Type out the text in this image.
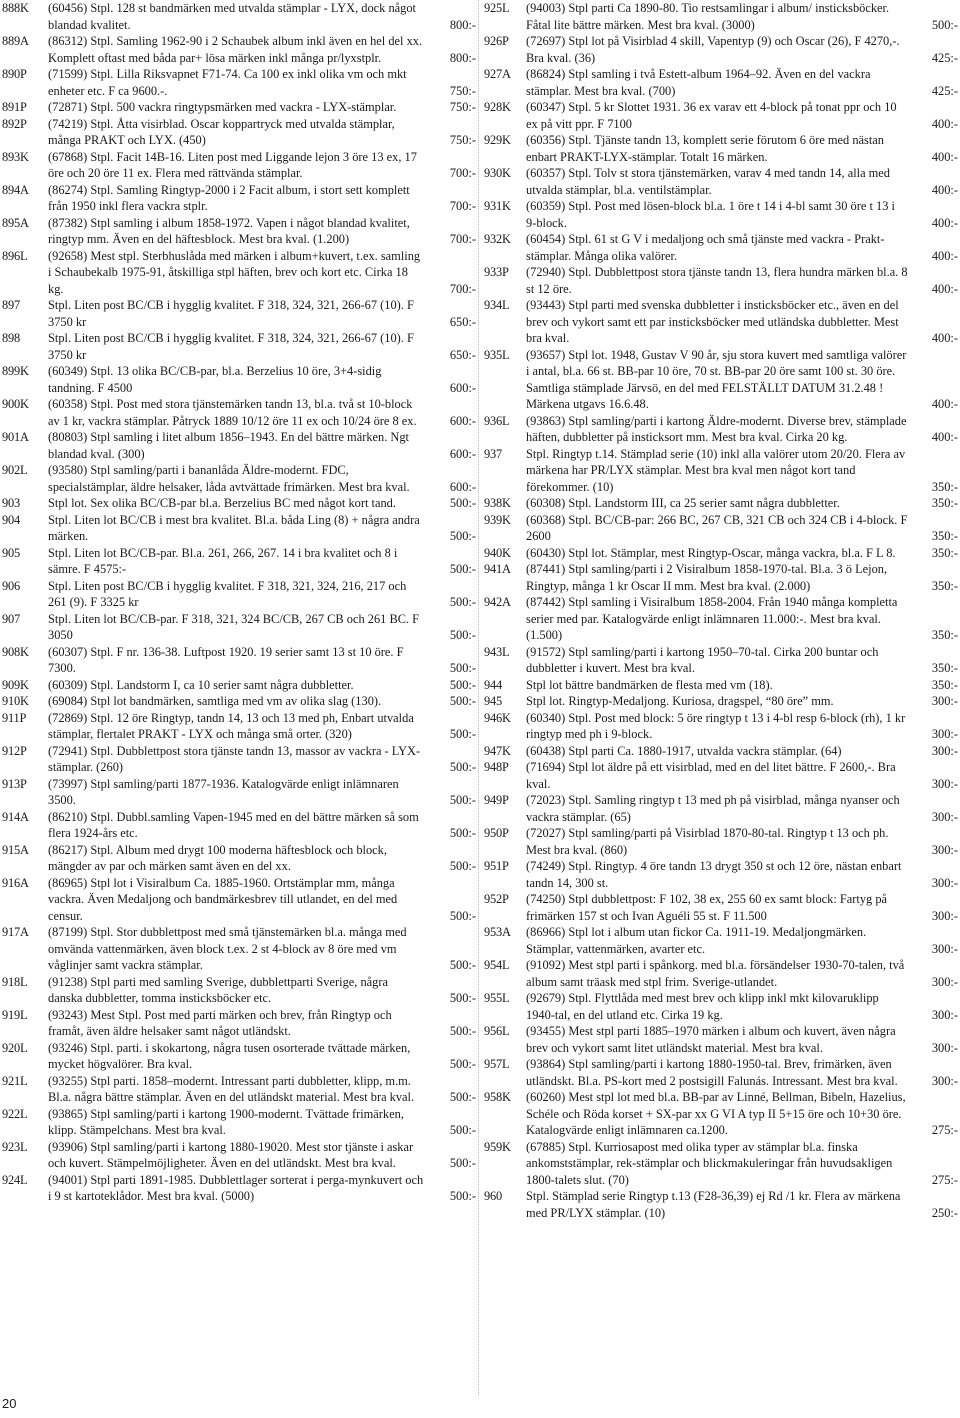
888K (60456) Stpl. 128 st bandmärken med utvalda stämplar - LYX, dock något blandad kvalitet.	800:-
889A (86312) Stpl. Samling 1962-90 i 2 Schaubek album inkl även en hel del xx. Komplett oftast med båda par+ lösa märken inkl många pr/lyxstplr.	800:-
890P (71599) Stpl. Lilla Riksvapnet F71-74. Ca 100 ex inkl olika vm och mkt enheter etc. F ca 9600.-.	750:-
891P (72871) Stpl. 500 vackra ringtypsmärken med vackra - LYX-stämplar.	750:-
892P (74219) Stpl. Åtta visirblad. Oscar koppartryck med utvalda stämplar, många PRAKT och LYX. (450)	750:-
893K (67868) Stpl. Facit 14B-16. Liten post med Liggande lejon 3 öre 13 ex, 17 öre och 20 öre 11 ex. Flera med rättvända stämplar.	700:-
894A (86274) Stpl. Samling Ringtyp-2000 i 2 Facit album, i stort sett komplett från 1950 inkl flera vackra stplr.	700:-
895A (87382) Stpl samling i album 1858-1972. Vapen i något blandad kvalitet, ringtyp mm. Även en del häftesblock. Mest bra kval. (1.200)	700:-
896L (92658) Mest stpl. Sterbhuslåda med märken i album+kuvert, t.ex. samling i Schaubekalb 1975-91, åtskilliga stpl häften, brev och kort etc. Cirka 18 kg.	700:-
897 Stpl. Liten post BC/CB i hygglig kvalitet. F 318, 324, 321, 266-67 (10). F 3750 kr	650:-
898 Stpl. Liten post BC/CB i hygglig kvalitet. F 318, 324, 321, 266-67 (10). F 3750 kr	650:-
899K (60349) Stpl. 13 olika BC/CB-par, bl.a. Berzelius 10 öre, 3+4-sidig tandning. F 4500	600:-
900K (60358) Stpl. Post med stora tjänstemärken tandn 13, bl.a. två st 10-block av 1 kr, vackra stämplar. Påtryck 1889 10/12 öre 11 ex och 10/24 öre 8 ex.	600:-
901A (80803) Stpl samling i litet album 1856–1943. En del bättre märken. Ngt blandad kval. (300)	600:-
902L (93580) Stpl samling/parti i bananlåda Äldre-modernt. FDC, specialstämplar, äldre helsaker, låda avtvättade frimärken. Mest bra kval.	600:-
903 Stpl lot. Sex olika BC/CB-par bl.a. Berzelius BC med något kort tand.	500:-
904 Stpl. Liten lot BC/CB i mest bra kvalitet. Bl.a. båda Ling (8) + några andra märken.	500:-
905 Stpl. Liten lot BC/CB-par. Bl.a. 261, 266, 267. 14 i bra kvalitet och 8 i sämre. F 4575:-	500:-
906 Stpl. Liten post BC/CB i hygglig kvalitet. F 318, 321, 324, 216, 217 och 261 (9). F 3325 kr	500:-
907 Stpl. Liten lot BC/CB-par. F 318, 321, 324 BC/CB, 267 CB och 261 BC. F 3050	500:-
908K (60307) Stpl. F nr. 136-38. Luftpost 1920. 19 serier samt 13 st 10 öre. F 7300.	500:-
909K (60309) Stpl. Landstorm I, ca 10 serier samt några dubbletter.	500:-
910K (69084) Stpl lot bandmärken, samtliga med vm av olika slag (130).	500:-
911P (72869) Stpl. 12 öre Ringtyp, tandn 14, 13 och 13 med ph, Enbart utvalda stämplar, flertalet PRAKT - LYX och många små orter. (320)	500:-
912P (72941) Stpl. Dubblettpost stora tjänste tandn 13, massor av vackra - LYX-stämplar. (260)	500:-
913P (73997) Stpl samling/parti 1877-1936. Katalogvärde enligt inlämnaren 3500.	500:-
914A (86210) Stpl. Dubbl.samling Vapen-1945 med en del bättre märken så som flera 1924-års etc.	500:-
915A (86217) Stpl. Album med drygt 100 moderna häftesblock och block, mängder av par och märken samt även en del xx.	500:-
916A (86965) Stpl lot i Visiralbum Ca. 1885-1960. Ortstämplar mm, många vackra. Även Medaljong och bandmärkesbrev till utlandet, en del med censur.	500:-
917A (87199) Stpl. Stor dubblettpost med små tjänstemärken bl.a. många med omvända vattenmärken, även block t.ex. 2 st 4-block av 8 öre med vm våglinjer samt vackra stämplar.	500:-
918L (91238) Stpl parti med samling Sverige, dubblettparti Sverige, några danska dubbletter, tomma insticksböcker etc.	500:-
919L (93243) Mest Stpl. Post med parti märken och brev, från Ringtyp och framåt, även äldre helsaker samt något utländskt.	500:-
920L (93246) Stpl. parti. i skokartong, några tusen osorterade tvättade märken, mycket högvalörer. Bra kval.	500:-
921L (93255) Stpl parti. 1858–modernt. Intressant parti dubbletter, klipp, m.m. Bl.a. några bättre stämplar. Även en del utländskt material. Mest bra kval.	500:-
922L (93865) Stpl samling/parti i kartong 1900-modernt. Tvättade frimärken, klipp. Stämpelchans. Mest bra kval.	500:-
923L (93906) Stpl samling/parti i kartong 1880-19020. Mest stor tjänste i askar och kuvert. Stämpelmöjligheter. Även en del utländskt. Mest bra kval.	500:-
924L (94001) Stpl parti 1891-1985. Dubblettlager sorterat i perga-mynkuvert och i 9 st kartoteklådor. Mest bra kval. (5000)	500:-
925L (94003) Stpl parti Ca 1890-80. Tio restsamlingar i album/ insticksböcker. Fåtal lite bättre märken. Mest bra kval. (3000)	500:-
926P (72697) Stpl lot på Visirblad 4 skill, Vapentyp (9) och Oscar (26), F 4270,-. Bra kval. (36)	425:-
927A (86824) Stpl samling i två Estett-album 1964–92. Även en del vackra stämplar. Mest bra kval. (700)	425:-
928K (60347) Stpl. 5 kr Slottet 1931. 36 ex varav ett 4-block på tonat ppr och 10 ex på vitt ppr. F 7100	400:-
929K (60356) Stpl. Tjänste tandn 13, komplett serie förutom 6 öre med nästan enbart PRAKT-LYX-stämplar. Totalt 16 märken.	400:-
930K (60357) Stpl. Tolv st stora tjänstemärken, varav 4 med tandn 14, alla med utvalda stämplar, bl.a. ventilstämplar.	400:-
931K (60359) Stpl. Post med lösen-block bl.a. 1 öre t 14 i 4-bl samt 30 öre t 13 i 9-block.	400:-
932K (60454) Stpl. 61 st G V i medaljong och små tjänste med vackra - Prakt-stämplar. Många olika valörer.	400:-
933P (72940) Stpl. Dubblettpost stora tjänste tandn 13, flera hundra märken bl.a. 8 st 12 öre.	400:-
934L (93443) Stpl parti med svenska dubbletter i insticksböcker etc., även en del brev och vykort samt ett par insticksböcker med utländska dubbletter. Mest bra kval.	400:-
935L (93657) Stpl lot. 1948, Gustav V 90 år, sju stora kuvert med samtliga valörer i antal, bl.a. 66 st. BB-par 10 öre, 70 st. BB-par 20 öre samt 100 st. 30 öre. Samtliga stämplade Järvsö, en del med FELSTÄLLT DATUM 31.2.48 ! Märkena utgavs 16.6.48.	400:-
936L (93863) Stpl samling/parti i kartong Äldre-modernt. Diverse brev, stämplade häften, dubbletter på insticksort mm. Mest bra kval. Cirka 20 kg.	400:-
937 Stpl. Ringtyp t.14. Stämplad serie (10) inkl alla valörer utom 20/20. Flera av märkena har PR/LYX stämplar. Mest bra kval men något kort tand förekommer. (10)	350:-
938K (60308) Stpl. Landstorm III, ca 25 serier samt några dubbletter.	350:-
939K (60368) Stpl. BC/CB-par: 266 BC, 267 CB, 321 CB och 324 CB i 4-block. F 2600	350:-
940K (60430) Stpl lot. Stämplar, mest Ringtyp-Oscar, många vackra, bl.a. F L 8.	350:-
941A (87441) Stpl samling/parti i 2 Visiralbum 1858-1970-tal. Bl.a. 3 ö Lejon, Ringtyp, många 1 kr Oscar II mm. Mest bra kval. (2.000)	350:-
942A (87442) Stpl samling i Visiralbum 1858-2004. Från 1940 många kompletta serier med par. Katalogvärde enligt inlämnaren 11.000:-. Mest bra kval. (1.500)	350:-
943L (91572) Stpl samling/parti i kartong 1950–70-tal. Cirka 200 buntar och dubbletter i kuvert. Mest bra kval.	350:-
944 Stpl lot bättre bandmärken de flesta med vm (18).	350:-
945 Stpl lot. Ringtyp-Medaljong. Kuriosa, dragspel, “80 öre” mm.	300:-
946K (60340) Stpl. Post med block: 5 öre ringtyp t 13 i 4-bl resp 6-block (rh), 1 kr ringtyp med ph i 9-block.	300:-
947K (60438) Stpl parti Ca. 1880-1917, utvalda vackra stämplar. (64)	300:-
948P (71694) Stpl lot äldre på ett visirblad, med en del litet bättre. F 2600,-. Bra kval.	300:-
949P (72023) Stpl. Samling ringtyp t 13 med ph på visirblad, många nyanser och vackra stämplar. (65)	300:-
950P (72027) Stpl samling/parti på Visirblad 1870-80-tal. Ringtyp t 13 och ph. Mest bra kval. (860)	300:-
951P (74249) Stpl. Ringtyp. 4 öre tandn 13 drygt 350 st och 12 öre, nästan enbart tandn 14, 300 st.	300:-
952P (74250) Stpl dubblettpost: F 102, 38 ex, 255 60 ex samt block: Fartyg på frimärken 157 st och Ivan Aguéli 55 st. F 11.500	300:-
953A (86966) Stpl lot i album utan fickor Ca. 1911-19. Medaljongmärken. Stämplar, vattenmärken, avarter etc.	300:-
954L (91092) Mest stpl parti i spånkorg. med bl.a. försändelser 1930-70-talen, två album samt träask med stpl frim. Sverige-utlandet.	300:-
955L (92679) Stpl. Flyttlåda med mest brev och klipp inkl mkt kilovaruklipp 1940-tal, en del utland etc. Cirka 19 kg.	300:-
956L (93455) Mest stpl parti 1885–1970 märken i album och kuvert, även några brev och vykort samt litet utländskt material. Mest bra kval.	300:-
957L (93864) Stpl samling/parti i kartong 1880-1950-tal. Brev, frimärken, även utländskt. Bl.a. PS-kort med 2 postsigill Falunás. Intressant. Mest bra kval.	300:-
958K (60260) Mest stpl lot med bl.a. BB-par av Linné, Bellman, Bibeln, Hazelius, Schéle och Röda korset + SX-par xx G VI A typ II 5+15 öre och 10+30 öre. Katalogvärde enligt inlämnaren ca.1200.	275:-
959K (67885) Stpl. Kurriosapost med olika typer av stämplar bl.a. finska ankomststämplar, rek-stämplar och blickmakuleringar från huvudsakligen 1800-talets slut. (70)	275:-
960 Stpl. Stämplad serie Ringtyp t.13 (F28-36,39) ej Rd /1 kr. Flera av märkena med PR/LYX stämplar. (10)	250:-
20
